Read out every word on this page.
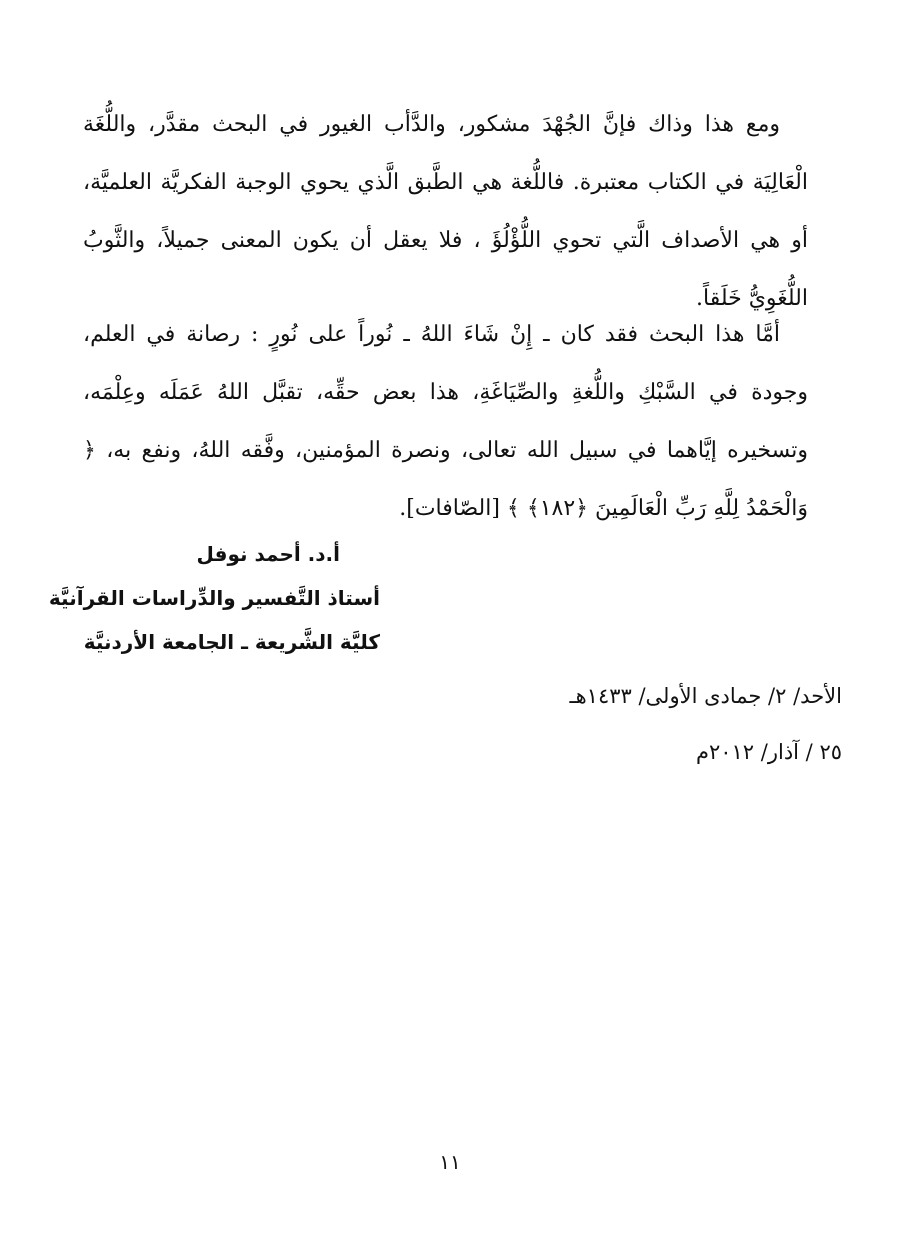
ومع هذا وذاك فإنَّ الجُهْدَ مشكور، والدَّأب الغيور في البحث مقدَّر، واللُّغَة الْعَالِيَة في الكتاب معتبرة. فاللُّغة هي الطَّبق الَّذي يحوي الوجبة الفكريَّة العلميَّة، أو هي الأصداف الَّتي تحوي اللُّؤْلُؤَ ، فلا يعقل أن يكون المعنى جميلاً، والثَّوبُ اللُّغَوِيُّ خَلَقاً.

أمَّا هذا البحث فقد كان ـ إِنْ شَاءَ اللهُ ـ نُوراً على نُورٍ : رصانة في العلم، وجودة في السَّبْكِ واللُّغةِ والصِّيَاغَةِ، هذا بعض حقِّه، تقبَّل اللهُ عَمَلَه وعِلْمَه، وتسخيره إيَّاهما في سبيل الله تعالى، ونصرة المؤمنين، وفَّقه اللهُ، ونفع به، ﴿ وَالْحَمْدُ لِلَّهِ رَبِّ الْعَالَمِينَ ﴿١٨٢﴾ ﴾ [الصّافات].

أ.د. أحمد نوفل
أستاذ التَّفسير والدِّراسات القرآنيَّة
كليَّة الشَّريعة ـ الجامعة الأردنيَّة
الأحد/ ٢/ جمادى الأولى/ ١٤٣٣هـ
٢٥ / آذار/ ٢٠١٢م
١١
